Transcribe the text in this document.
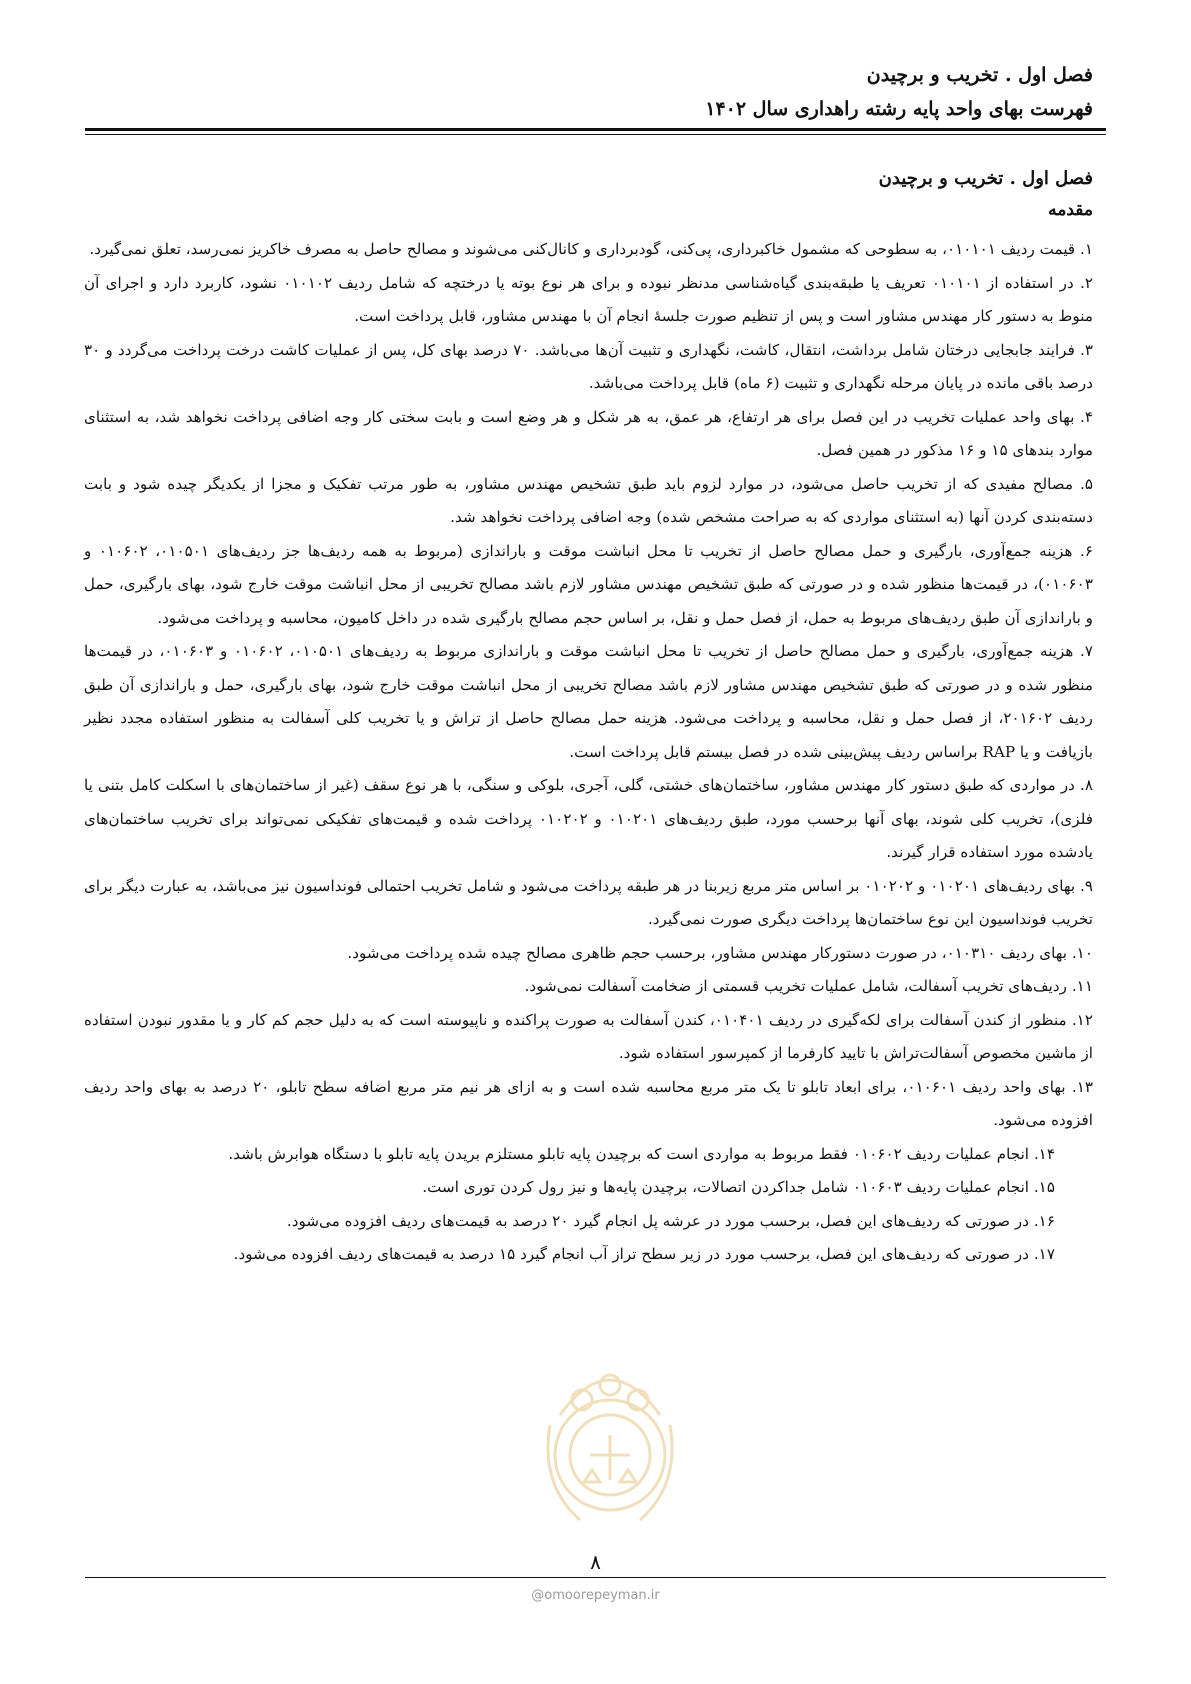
فصل اول . تخریب و برچیدن
فهرست بهای واحد پایه رشته راهداری سال ۱۴۰۲
فصل اول . تخریب و برچیدن
مقدمه

۱. قیمت ردیف ۰۱۰۱۰۱، به سطوحی که مشمول خاکبرداری، پی‌کنی، گودبرداری و کانال‌کنی می‌شوند و مصالح حاصل به مصرف خاکریز نمی‌رسد، تعلق نمی‌گیرد.

۲. در استفاده از ۰۱۰۱۰۱ تعریف یا طبقه‌بندی گیاه‌شناسی مدنظر نبوده و برای هر نوع بوته یا درختچه که شامل ردیف ۰۱۰۱۰۲ نشود، کاربرد دارد و اجرای آن منوط به دستور کار مهندس مشاور است و پس از تنظیم صورت جلسهٔ انجام آن با مهندس مشاور، قابل پرداخت است.

۳. فرایند جابجایی درختان شامل برداشت، انتقال، کاشت، نگهداری و تثبیت آن‌ها می‌باشد. ۷۰ درصد بهای کل، پس از عملیات کاشت درخت پرداخت می‌گردد و ۳۰ درصد باقی مانده در پایان مرحله نگهداری و تثبیت (۶ ماه) قابل پرداخت می‌باشد.

۴. بهای واحد عملیات تخریب در این فصل برای هر ارتفاع، هر عمق، به هر شکل و هر وضع است و بابت سختی کار وجه اضافی پرداخت نخواهد شد، به استثنای موارد بندهای ۱۵ و ۱۶ مذکور در همین فصل.

۵. مصالح مفیدی که از تخریب حاصل می‌شود، در موارد لزوم باید طبق تشخیص مهندس مشاور، به طور مرتب تفکیک و مجزا از یکدیگر چیده شود و بابت دسته‌بندی کردن آنها (به استثنای مواردی که به صراحت مشخص شده) وجه اضافی پرداخت نخواهد شد.

۶. هزینه جمع‌آوری، بارگیری و حمل مصالح حاصل از تخریب تا محل انباشت موقت و باراندازی (مربوط به همه ردیف‌ها جز ردیف‌های ۰۱۰۵۰۱، ۰۱۰۶۰۲ و ۰۱۰۶۰۳)، در قیمت‌ها منظور شده و در صورتی که طبق تشخیص مهندس مشاور لازم باشد مصالح تخریبی از محل انباشت موقت خارج شود، بهای بارگیری، حمل و باراندازی آن طبق ردیف‌های مربوط به حمل، از فصل حمل و نقل، بر اساس حجم مصالح بارگیری شده در داخل کامیون، محاسبه و پرداخت می‌شود.

۷. هزینه جمع‌آوری، بارگیری و حمل مصالح حاصل از تخریب تا محل انباشت موقت و باراندازی مربوط به ردیف‌های ۰۱۰۵۰۱، ۰۱۰۶۰۲ و ۰۱۰۶۰۳، در قیمت‌ها منظور شده و در صورتی که طبق تشخیص مهندس مشاور لازم باشد مصالح تخریبی از محل انباشت موقت خارج شود، بهای بارگیری، حمل و باراندازی آن طبق ردیف ۲۰۱۶۰۲، از فصل حمل و نقل، محاسبه و پرداخت می‌شود. هزینه حمل مصالح حاصل از تراش و یا تخریب کلی آسفالت به منظور استفاده مجدد نظیر بازیافت و یا RAP براساس ردیف پیش‌بینی شده در فصل بیستم قابل پرداخت است.

۸. در مواردی که طبق دستور کار مهندس مشاور، ساختمان‌های خشتی، گلی، آجری، بلوکی و سنگی، با هر نوع سقف (غیر از ساختمان‌های با اسکلت کامل بتنی یا فلزی)، تخریب کلی شوند، بهای آنها برحسب مورد، طبق ردیف‌های ۰۱۰۲۰۱ و ۰۱۰۲۰۲ پرداخت شده و قیمت‌های تفکیکی نمی‌تواند برای تخریب ساختمان‌های یادشده مورد استفاده قرار گیرند.

۹. بهای ردیف‌های ۰۱۰۲۰۱ و ۰۱۰۲۰۲ بر اساس متر مربع زیربنا در هر طبقه پرداخت می‌شود و شامل تخریب احتمالی فونداسیون نیز می‌باشد، به عبارت دیگر برای تخریب فونداسیون این نوع ساختمان‌ها پرداخت دیگری صورت نمی‌گیرد.

۱۰. بهای ردیف ۰۱۰۳۱۰، در صورت دستورکار مهندس مشاور، برحسب حجم ظاهری مصالح چیده شده پرداخت می‌شود.

۱۱. ردیف‌های تخریب آسفالت، شامل عملیات تخریب قسمتی از ضخامت آسفالت نمی‌شود.

۱۲. منظور از کندن آسفالت برای لکه‌گیری در ردیف ۰۱۰۴۰۱، کندن آسفالت به صورت پراکنده و ناپیوسته است که به دلیل حجم کم کار و یا مقدور نبودن استفاده از ماشین مخصوص آسفالت‌تراش با تایید کارفرما از کمپرسور استفاده شود.

۱۳. بهای واحد ردیف ۰۱۰۶۰۱، برای ابعاد تابلو تا یک متر مربع محاسبه شده است و به ازای هر نیم متر مربع اضافه سطح تابلو، ۲۰ درصد به بهای واحد ردیف افزوده می‌شود.

۱۴. انجام عملیات ردیف ۰۱۰۶۰۲ فقط مربوط به مواردی است که برچیدن پایه تابلو مستلزم بریدن پایه تابلو با دستگاه هوابرش باشد.

۱۵. انجام عملیات ردیف ۰۱۰۶۰۳ شامل جداکردن اتصالات، برچیدن پایه‌ها و نیز رول کردن توری است.

۱۶. در صورتی که ردیف‌های این فصل، برحسب مورد در عرشه پل انجام گیرد ۲۰ درصد به قیمت‌های ردیف افزوده می‌شود.

۱۷. در صورتی که ردیف‌های این فصل، برحسب مورد در زیر سطح تراز آب انجام گیرد ۱۵ درصد به قیمت‌های ردیف افزوده می‌شود.

۸
@omoorepeyman.ir
